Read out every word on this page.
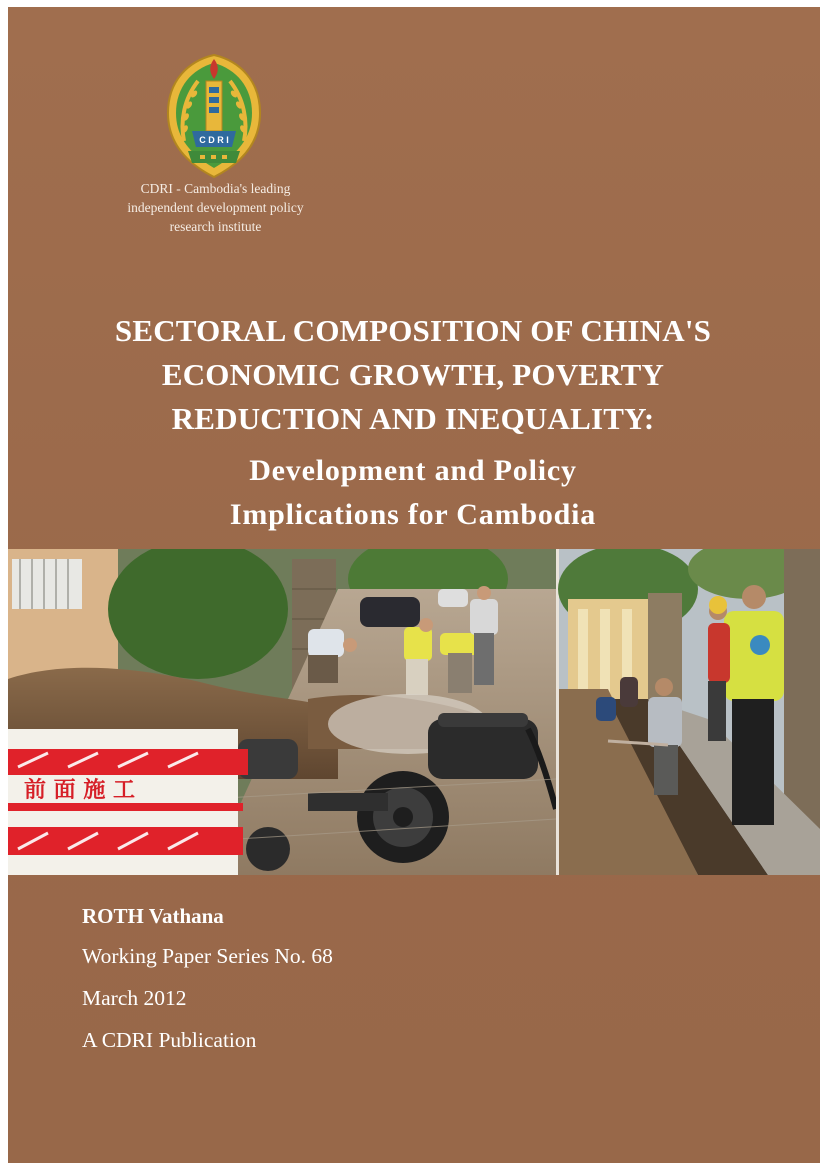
C D R I
CDRI - Cambodia's leading
independent development policy
research institute
SECTORAL COMPOSITION OF CHINA'S
ECONOMIC GROWTH, POVERTY
REDUCTION AND INEQUALITY:
Development and Policy
Implications for Cambodia
前 面 施 工
ROTH Vathana
Working Paper Series No. 68
March 2012
A CDRI Publication
